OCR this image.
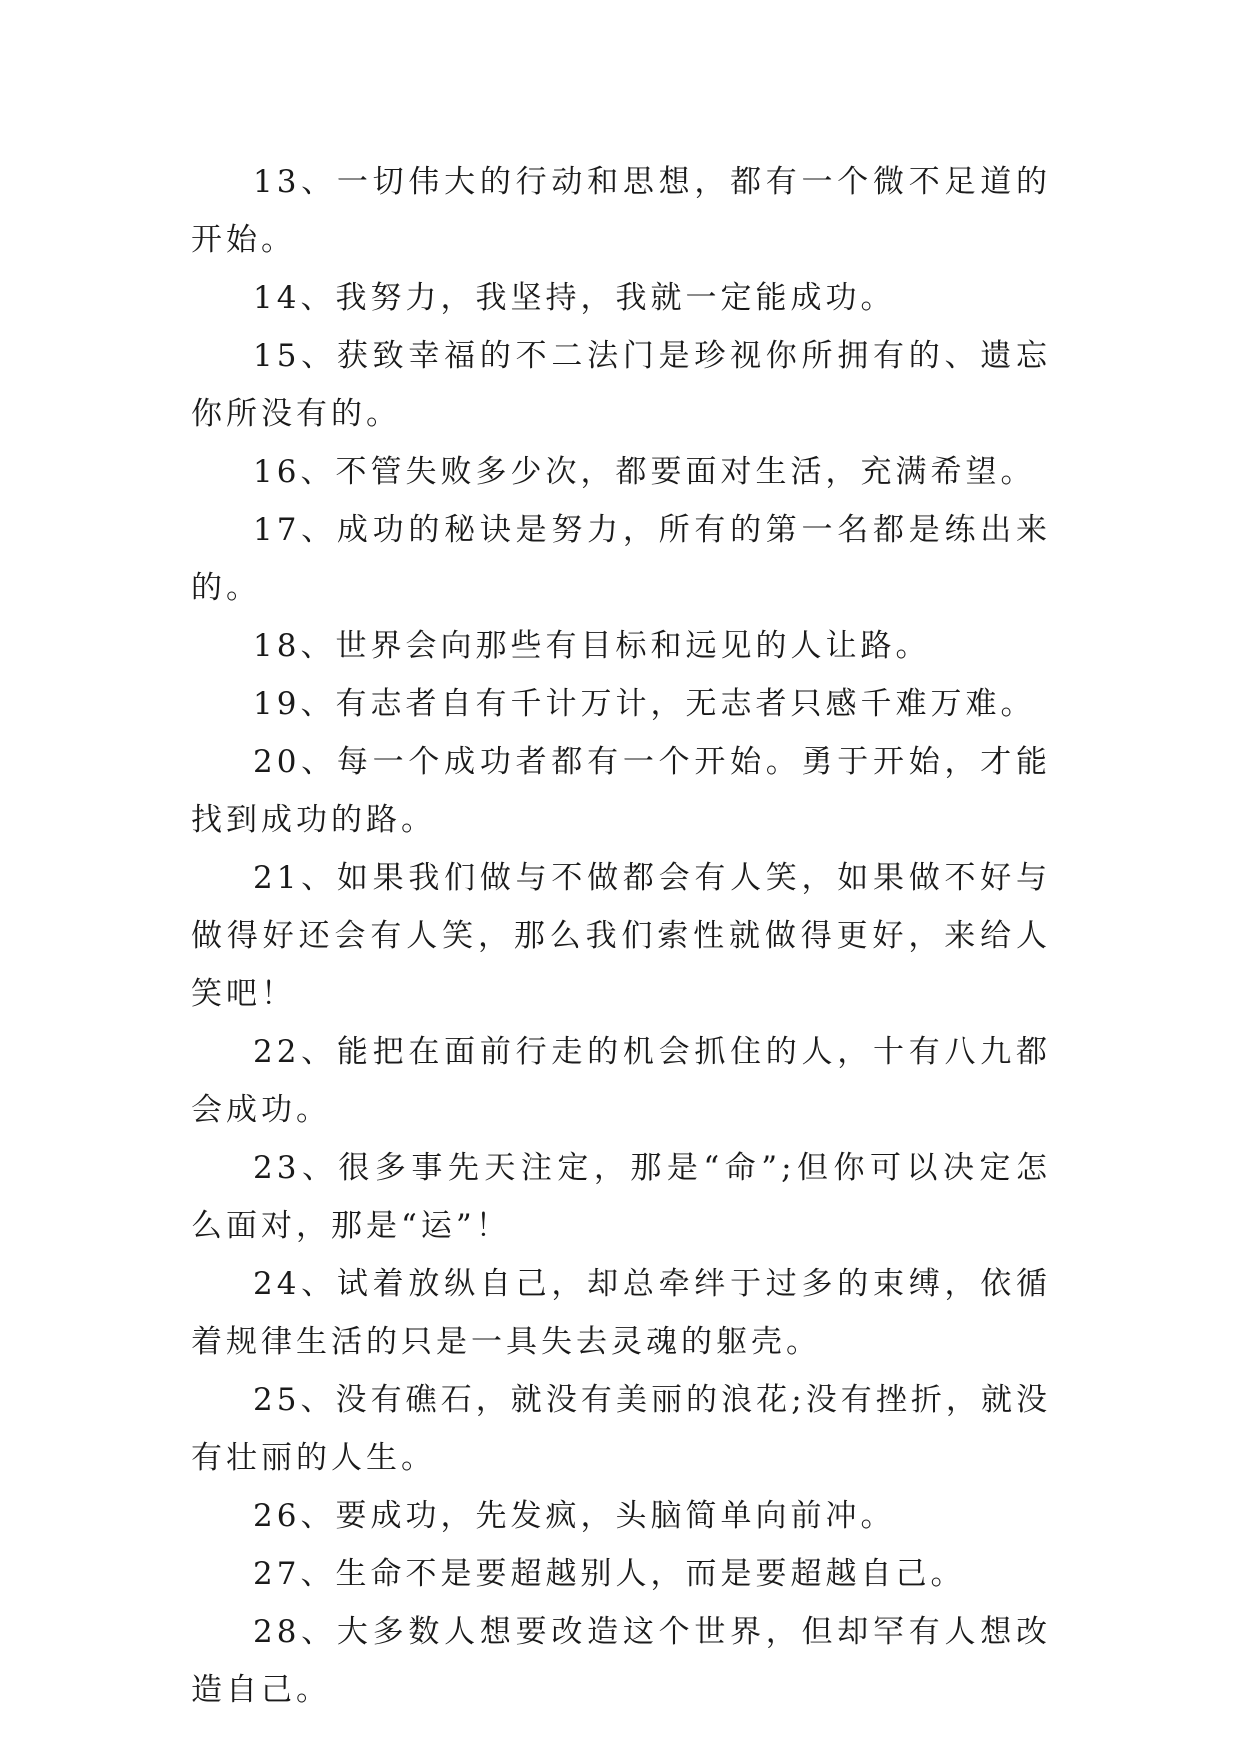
13、一切伟大的行动和思想，都有一个微不足道的开始。

14、我努力，我坚持，我就一定能成功。

15、获致幸福的不二法门是珍视你所拥有的、遗忘你所没有的。

16、不管失败多少次，都要面对生活，充满希望。

17、成功的秘诀是努力，所有的第一名都是练出来的。

18、世界会向那些有目标和远见的人让路。

19、有志者自有千计万计，无志者只感千难万难。

20、每一个成功者都有一个开始。勇于开始，才能找到成功的路。

21、如果我们做与不做都会有人笑，如果做不好与做得好还会有人笑，那么我们索性就做得更好，来给人笑吧！

22、能把在面前行走的机会抓住的人，十有八九都会成功。

23、很多事先天注定，那是“命”;但你可以决定怎么面对，那是“运”！

24、试着放纵自己，却总牵绊于过多的束缚，依循着规律生活的只是一具失去灵魂的躯壳。

25、没有礁石，就没有美丽的浪花;没有挫折，就没有壮丽的人生。

26、要成功，先发疯，头脑简单向前冲。

27、生命不是要超越别人，而是要超越自己。

28、大多数人想要改造这个世界，但却罕有人想改造自己。
